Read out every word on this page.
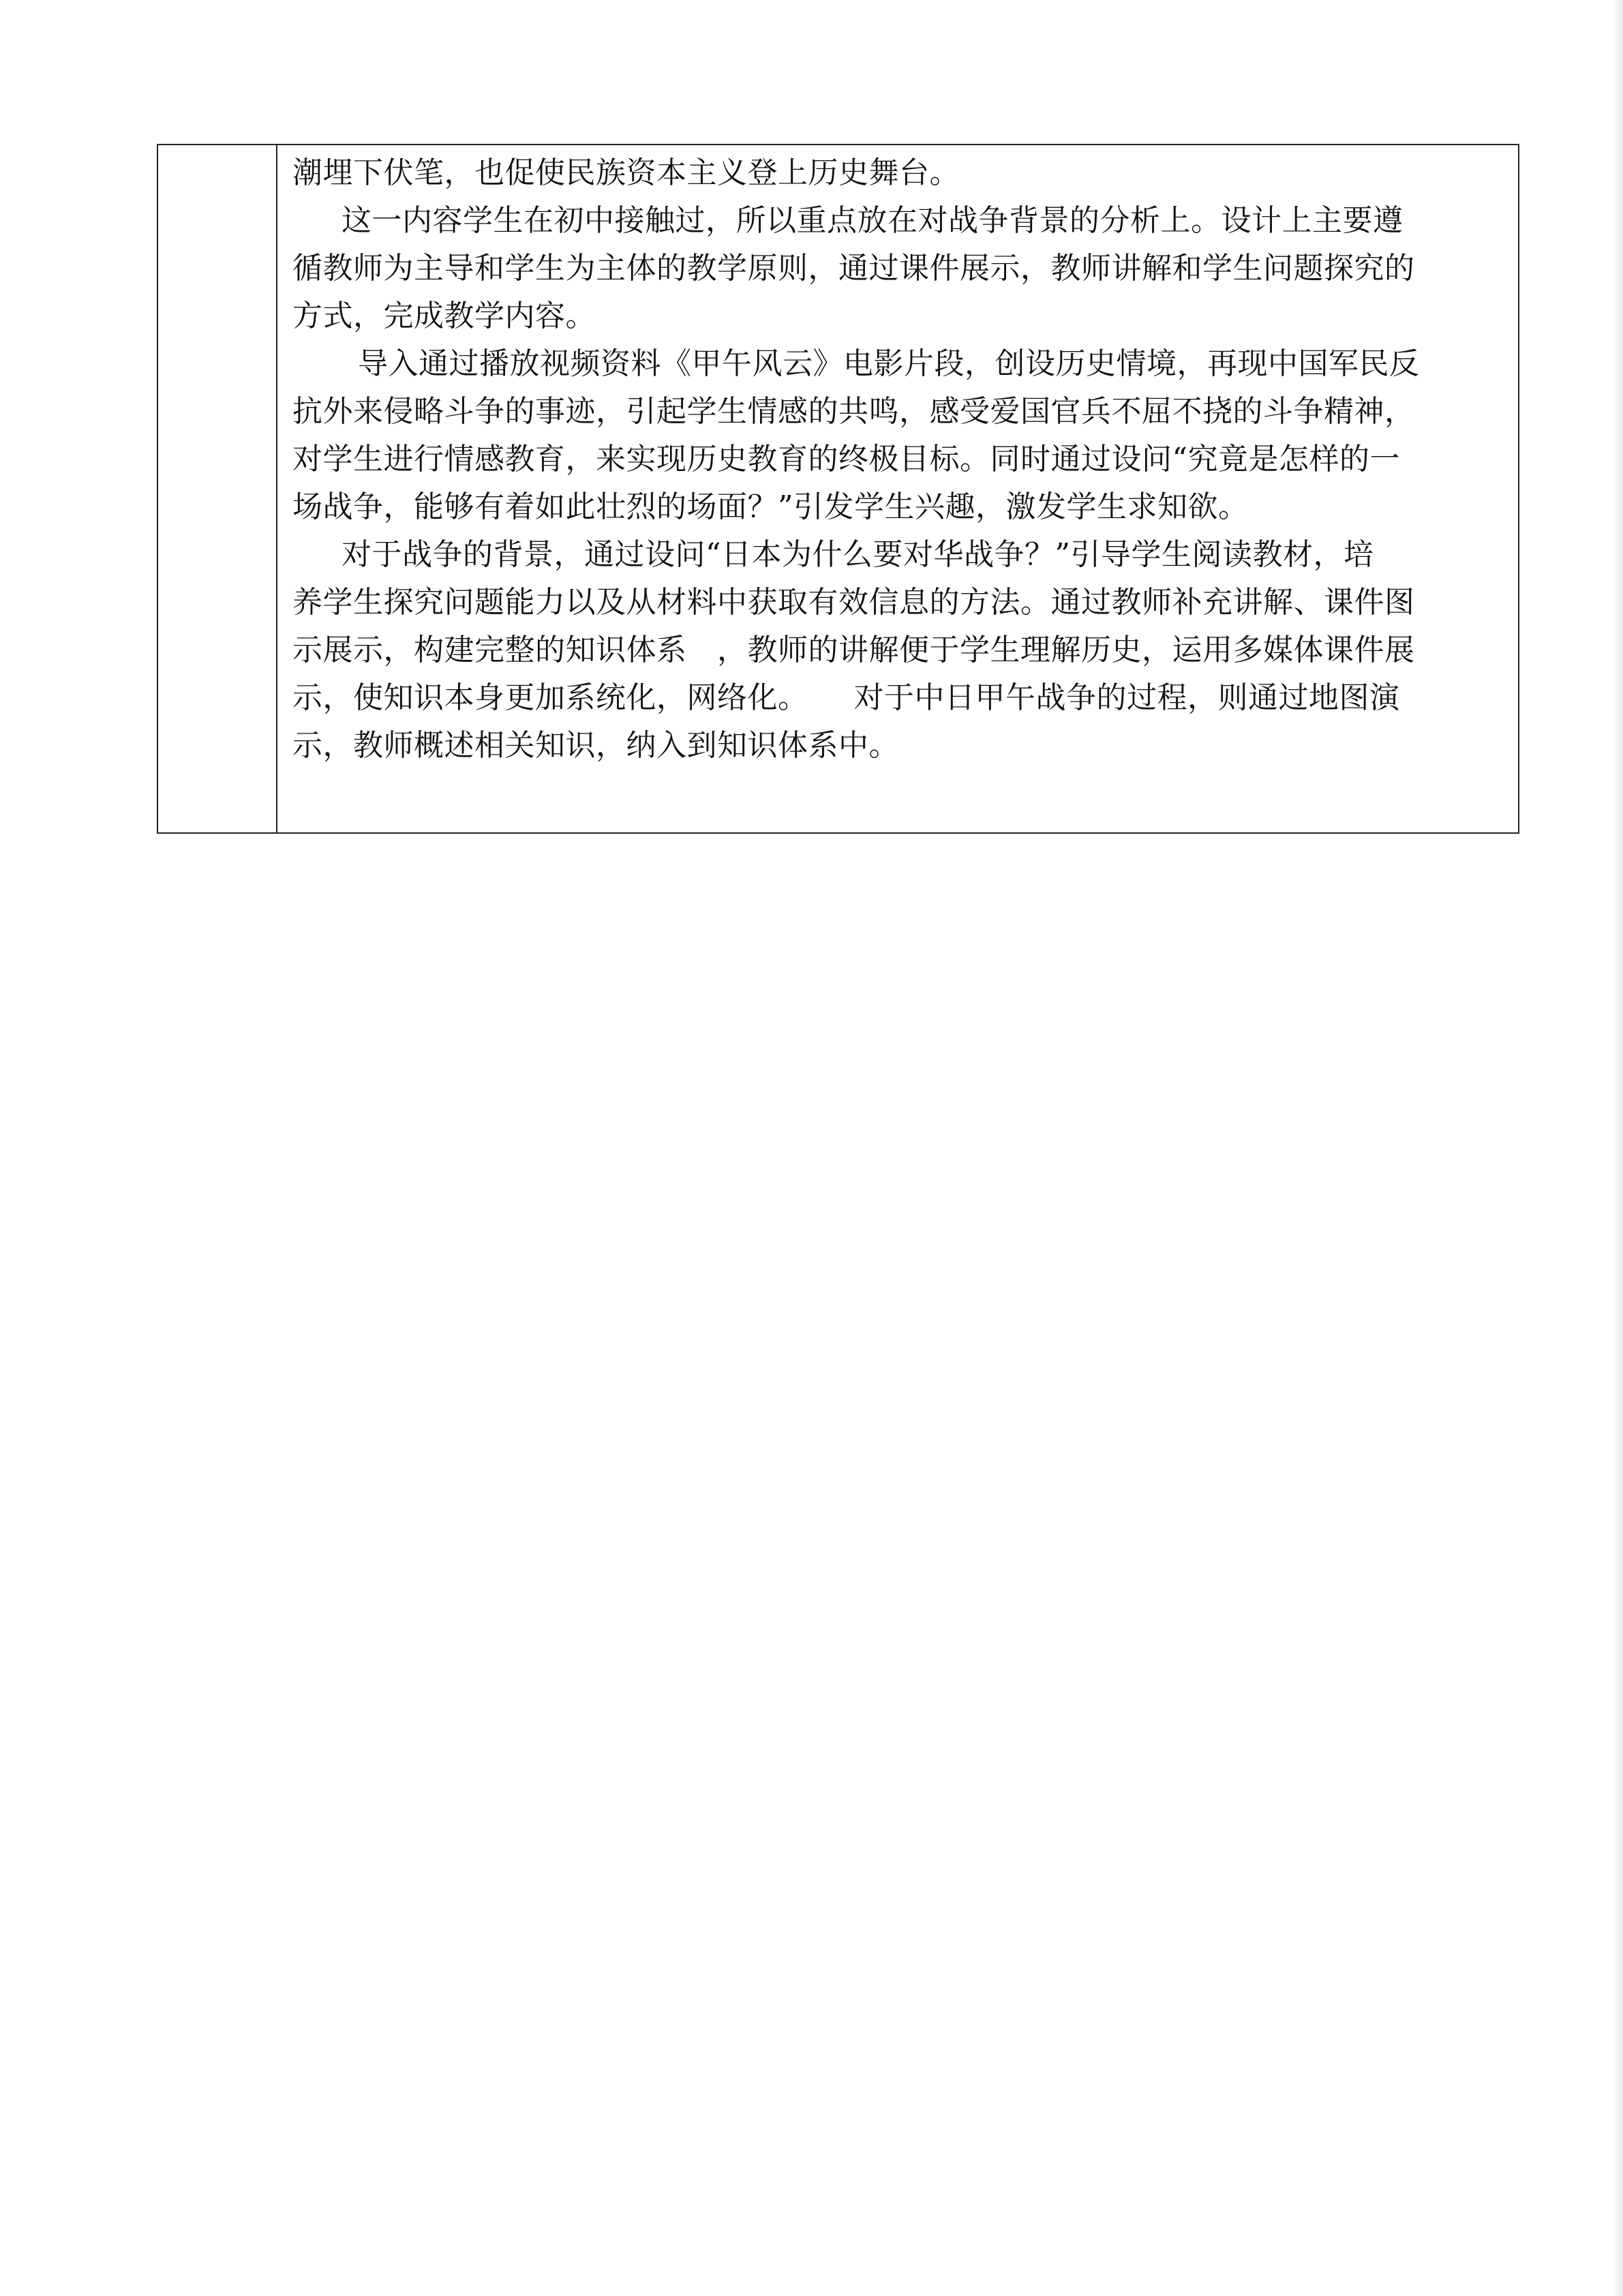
潮埋下伏笔，也促使民族资本主义登上历史舞台。
这一内容学生在初中接触过，所以重点放在对战争背景的分析上。设计上主要遵
循教师为主导和学生为主体的教学原则，通过课件展示，教师讲解和学生问题探究的
方式，完成教学内容。
导入通过播放视频资料《甲午风云》电影片段，创设历史情境，再现中国军民反
抗外来侵略斗争的事迹，引起学生情感的共鸣，感受爱国官兵不屈不挠的斗争精神，
对学生进行情感教育，来实现历史教育的终极目标。同时通过设问“究竟是怎样的一
场战争，能够有着如此壮烈的场面？”引发学生兴趣，激发学生求知欲。
对于战争的背景，通过设问“日本为什么要对华战争？”引导学生阅读教材，培
养学生探究问题能力以及从材料中获取有效信息的方法。通过教师补充讲解、课件图
示展示，构建完整的知识体系　，教师的讲解便于学生理解历史，运用多媒体课件展
示，使知识本身更加系统化，网络化。　　对于中日甲午战争的过程，则通过地图演
示，教师概述相关知识，纳入到知识体系中。
